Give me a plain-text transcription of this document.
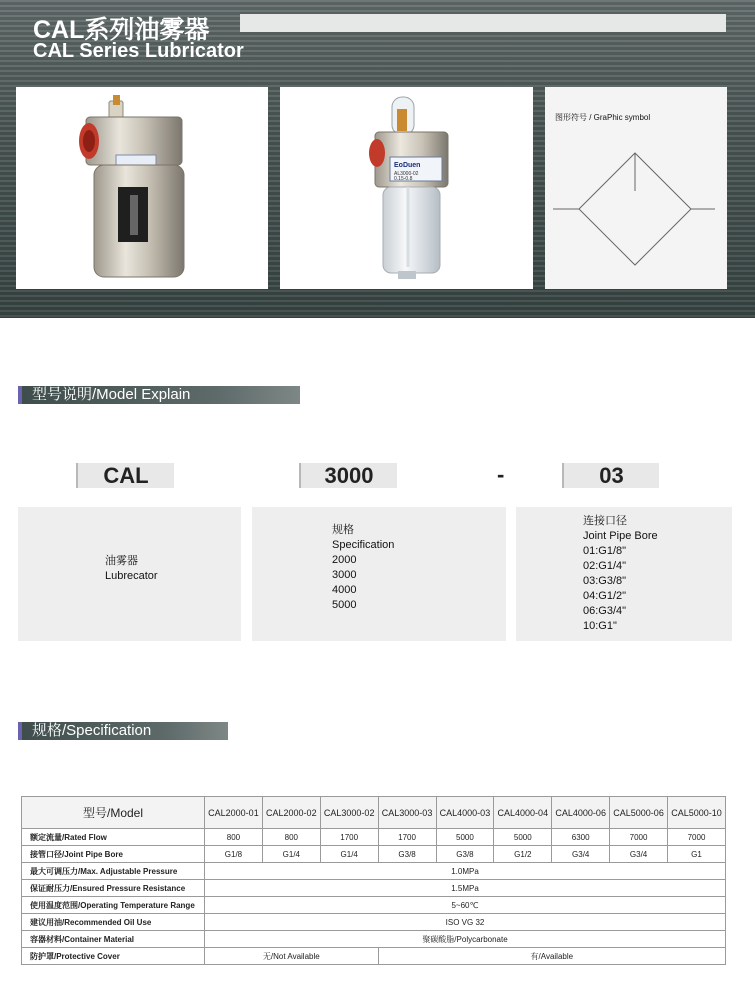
CAL系列油雾器
CAL Series Lubricator
EoDuen
AL3000-02
0.15-0.8
图形符号 / GraPhic symbol
型号说明/Model Explain
CAL	3000	-	03
油雾器
Lubrecator
规格
Specification
2000
3000
4000
5000
连接口径
Joint Pipe Bore
01:G1/8"
02:G1/4"
03:G3/8"
04:G1/2"
06:G3/4"
10:G1"
规格/Specification
型号/Model	CAL2000-01	CAL2000-02	CAL3000-02	CAL3000-03	CAL4000-03	CAL4000-04	CAL4000-06	CAL5000-06	CAL5000-10
额定流量/Rated Flow	800	800	1700	1700	5000	5000	6300	7000	7000
接管口径/Joint Pipe Bore	G1/8	G1/4	G1/4	G3/8	G3/8	G1/2	G3/4	G3/4	G1
最大可调压力/Max. Adjustable Pressure	1.0MPa								
保证耐压力/Ensured Pressure Resistance	1.5MPa								
使用温度范围/Operating Temperature Range	5~60℃								
建议用油/Recommended Oil Use	ISO VG 32								
容器材料/Container Material	聚碳酸脂/Polycarbonate								
防护罩/Protective Cover	无/Not Available			有/Available					
